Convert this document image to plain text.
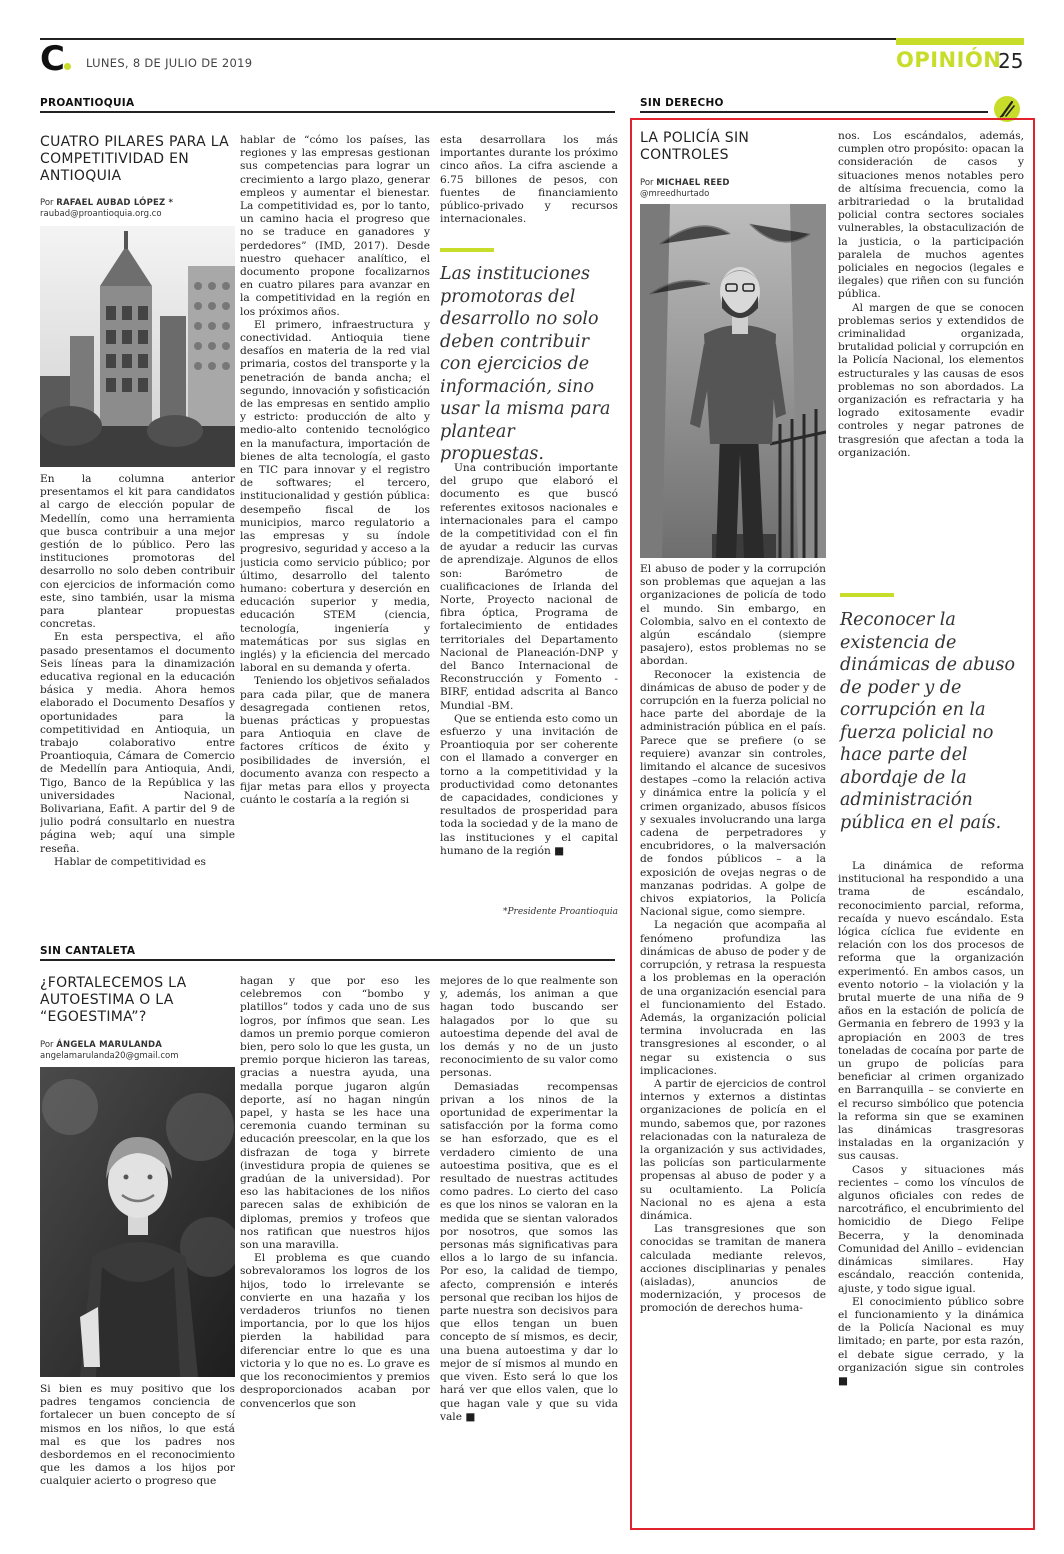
C	LUNES, 8 DE JULIO DE 2019	OPINIÓN
25
PROANTIOQUIA
CUATRO PILARES PARA LA COMPETITIVIDAD EN ANTIOQUIA
Por RAFAEL AUBAD LÓPEZ *
raubad@proantioquia.org.co

En la columna anterior presentamos el kit para candidatos al cargo de elección popular de Medellín, como una herramienta que busca contribuir a una mejor gestión de lo público. Pero las instituciones promotoras del desarrollo no solo deben contribuir con ejercicios de información como este, sino también, usar la misma para plantear propuestas concretas.

En esta perspectiva, el año pasado presentamos el documento Seis líneas para la dinamización educativa regional en la educación básica y media. Ahora hemos elaborado el Documento Desafíos y oportunidades para la competitividad en Antioquia, un trabajo colaborativo entre Proantioquia, Cámara de Comercio de Medellín para Antioquia, Andi, Tigo, Banco de la República y las universidades Nacional, Bolivariana, Eafit. A partir del 9 de julio podrá consultarlo en nuestra página web; aquí una simple reseña.

Hablar de competitividad es

hablar de “cómo los países, las regiones y las empresas gestionan sus competencias para lograr un crecimiento a largo plazo, generar empleos y aumentar el bienestar. La competitividad es, por lo tanto, un camino hacia el progreso que no se traduce en ganadores y perdedores” (IMD, 2017). Desde nuestro quehacer analítico, el documento propone focalizarnos en cuatro pilares para avanzar en la competitividad en la región en los próximos años.

El primero, infraestructura y conectividad. Antioquia tiene desafíos en materia de la red vial primaria, costos del transporte y la penetración de banda ancha; el segundo, innovación y sofisticación de las empresas en sentido amplio y estricto: producción de alto y medio-alto contenido tecnológico en la manufactura, importación de bienes de alta tecnología, el gasto en TIC para innovar y el registro de softwares; el tercero, institucionalidad y gestión pública: desempeño fiscal de los municipios, marco regulatorio a las empresas y su índole progresivo, seguridad y acceso a la justicia como servicio público; por último, desarrollo del talento humano: cobertura y deserción en educación superior y media, educación STEM (ciencia, tecnología, ingeniería y matemáticas por sus siglas en inglés) y la eficiencia del mercado laboral en su demanda y oferta.

Teniendo los objetivos señalados para cada pilar, que de manera desagregada contienen retos, buenas prácticas y propuestas para Antioquia en clave de factores críticos de éxito y posibilidades de inversión, el documento avanza con respecto a fijar metas para ellos y proyecta cuánto le costaría a la región si

esta desarrollara los más importantes durante los próximo cinco años. La cifra asciende a 6.75 billones de pesos, con fuentes de financiamiento público-privado y recursos internacionales.

Las instituciones promotoras del desarrollo no solo deben contribuir con ejercicios de información, sino usar la misma para plantear propuestas.

Una contribución importante del grupo que elaboró el documento es que buscó referentes exitosos nacionales e internacionales para el campo de la competitividad con el fin de ayudar a reducir las curvas de aprendizaje. Algunos de ellos son: Barómetro de cualificaciones de Irlanda del Norte, Proyecto nacional de fibra óptica, Programa de fortalecimiento de entidades territoriales del Departamento Nacional de Planeación-DNP y del Banco Internacional de Reconstrucción y Fomento -BIRF, entidad adscrita al Banco Mundial -BM.

Que se entienda esto como un esfuerzo y una invitación de Proantioquia por ser coherente con el llamado a converger en torno a la competitividad y la productividad como detonantes de capacidades, condiciones y resultados de prosperidad para toda la sociedad y de la mano de las instituciones y el capital humano de la región ■

*Presidente Proantioquia
SIN CANTALETA
¿FORTALECEMOS LA AUTOESTIMA O LA “EGOESTIMA”?
Por ÁNGELA MARULANDA
angelamarulanda20@gmail.com

Si bien es muy positivo que los padres tengamos conciencia de fortalecer un buen concepto de sí mismos en los niños, lo que está mal es que los padres nos desbordemos en el reconocimiento que les damos a los hijos por cualquier acierto o progreso que

hagan y que por eso les celebremos con “bombo y platillos” todos y cada uno de sus logros, por ínfimos que sean. Les damos un premio porque comieron bien, pero solo lo que les gusta, un premio porque hicieron las tareas, gracias a nuestra ayuda, una medalla porque jugaron algún deporte, así no hagan ningún papel, y hasta se les hace una ceremonia cuando terminan su educación preescolar, en la que los disfrazan de toga y birrete (investidura propia de quienes se gradúan de la universidad). Por eso las habitaciones de los niños parecen salas de exhibición de diplomas, premios y trofeos que nos ratifican que nuestros hijos son una maravilla.

El problema es que cuando sobrevaloramos los logros de los hijos, todo lo irrelevante se convierte en una hazaña y los verdaderos triunfos no tienen importancia, por lo que los hijos pierden la habilidad para diferenciar entre lo que es una victoria y lo que no es. Lo grave es que los reconocimientos y premios desproporcionados acaban por convencerlos que son

mejores de lo que realmente son y, además, los animan a que hagan todo buscando ser halagados por lo que su autoestima depende del aval de los demás y no de un justo reconocimiento de su valor como personas.

Demasiadas recompensas privan a los ninos de la oportunidad de experimentar la satisfacción por la forma como se han esforzado, que es el verdadero cimiento de una autoestima positiva, que es el resultado de nuestras actitudes como padres. Lo cierto del caso es que los ninos se valoran en la medida que se sientan valorados por nosotros, que somos las personas más significativas para ellos a lo largo de su infancia. Por eso, la calidad de tiempo, afecto, comprensión e interés personal que reciban los hijos de parte nuestra son decisivos para que ellos tengan un buen concepto de sí mismos, es decir, una buena autoestima y dar lo mejor de sí mismos al mundo en que viven. Esto será lo que los hará ver que ellos valen, que lo que hagan vale y que su vida vale ■

SIN DERECHO
LA POLICÍA SIN CONTROLES
Por MICHAEL REED
@mreedhurtado

El abuso de poder y la corrupción son problemas que aquejan a las organizaciones de policía de todo el mundo. Sin embargo, en Colombia, salvo en el contexto de algún escándalo (siempre pasajero), estos problemas no se abordan.

Reconocer la existencia de dinámicas de abuso de poder y de corrupción en la fuerza policial no hace parte del abordaje de la administración pública en el país. Parece que se prefiere (o se requiere) avanzar sin controles, limitando el alcance de sucesivos destapes –como la relación activa y dinámica entre la policía y el crimen organizado, abusos físicos y sexuales involucrando una larga cadena de perpetradores y encubridores, o la malversación de fondos públicos – a la exposición de ovejas negras o de manzanas podridas. A golpe de chivos expiatorios, la Policía Nacional sigue, como siempre.

La negación que acompaña al fenómeno profundiza las dinámicas de abuso de poder y de corrupción, y retrasa la respuesta a los problemas en la operación de una organización esencial para el funcionamiento del Estado. Además, la organización policial termina involucrada en las transgresiones al esconder, o al negar su existencia o sus implicaciones.

A partir de ejercicios de control internos y externos a distintas organizaciones de policía en el mundo, sabemos que, por razones relacionadas con la naturaleza de la organización y sus actividades, las policías son particularmente propensas al abuso de poder y a su ocultamiento. La Policía Nacional no es ajena a esta dinámica.

Las transgresiones que son conocidas se tramitan de manera calculada mediante relevos, acciones disciplinarias y penales (aisladas), anuncios de modernización, y procesos de promoción de derechos huma-

nos. Los escándalos, además, cumplen otro propósito: opacan la consideración de casos y situaciones menos notables pero de altísima frecuencia, como la arbitrariedad o la brutalidad policial contra sectores sociales vulnerables, la obstaculización de la justicia, o la participación paralela de muchos agentes policiales en negocios (legales e ilegales) que riñen con su función pública.

Al margen de que se conocen problemas serios y extendidos de criminalidad organizada, brutalidad policial y corrupción en la Policía Nacional, los elementos estructurales y las causas de esos problemas no son abordados. La organización es refractaria y ha logrado exitosamente evadir controles y negar patrones de trasgresión que afectan a toda la organización.

Reconocer la existencia de dinámicas de abuso de poder y de corrupción en la fuerza policial no hace parte del abordaje de la administración pública en el país.

La dinámica de reforma institucional ha respondido a una trama de escándalo, reconocimiento parcial, reforma, recaída y nuevo escándalo. Esta lógica cíclica fue evidente en relación con los dos procesos de reforma que la organización experimentó. En ambos casos, un evento notorio – la violación y la brutal muerte de una niña de 9 años en la estación de policía de Germania en febrero de 1993 y la apropiación en 2003 de tres toneladas de cocaína por parte de un grupo de policías para beneficiar al crimen organizado en Barranquilla – se convierte en el recurso simbólico que potencia la reforma sin que se examinen las dinámicas trasgresoras instaladas en la organización y sus causas.

Casos y situaciones más recientes – como los vínculos de algunos oficiales con redes de narcotráfico, el encubrimiento del homicidio de Diego Felipe Becerra, y la denominada Comunidad del Anillo – evidencian dinámicas similares. Hay escándalo, reacción contenida, ajuste, y todo sigue igual.

El conocimiento público sobre el funcionamiento y la dinámica de la Policía Nacional es muy limitado; en parte, por esta razón, el debate sigue cerrado, y la organización sigue sin controles ■
